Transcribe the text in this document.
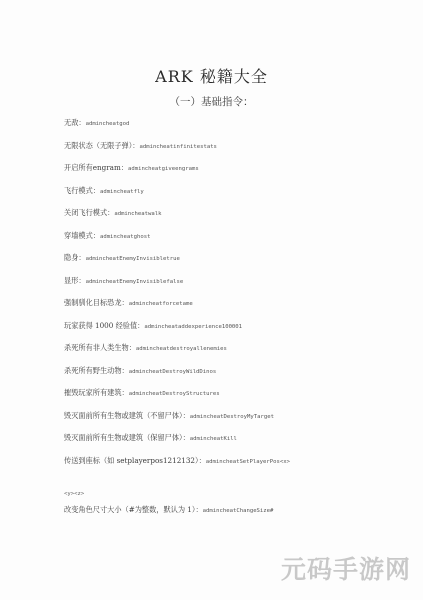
ARK 秘籍大全
（一）基础指令：
无敌：admincheatgod
无限状态（无限子弹）：admincheatinfinitestats
开启所有engram：admincheatgiveengrams
飞行模式：admincheatfly
关闭飞行模式：admincheatwalk
穿墙模式：admincheatghost
隐身：admincheatEnemyInvisibletrue
显形：admincheatEnemyInvisiblefalse
强制驯化目标恐龙：admincheatforcetame
玩家获得 1000 经验值：admincheataddexperience100001
杀死所有非人类生物：admincheatdestroyallenemies
杀死所有野生动物：admincheatDestroyWildDinos
摧毁玩家所有建筑：admincheatDestroyStructures
毁灭面前所有生物或建筑（不留尸体）：admincheatDestroyMyTarget
毁灭面前所有生物或建筑（保留尸体）：admincheatKill
传送到座标（如 setplayerpos1212132）：admincheatSetPlayerPos<x>
<y><z>
改变角色尺寸大小（#为整数，默认为 1）：admincheatChangeSize#
元码手游网
